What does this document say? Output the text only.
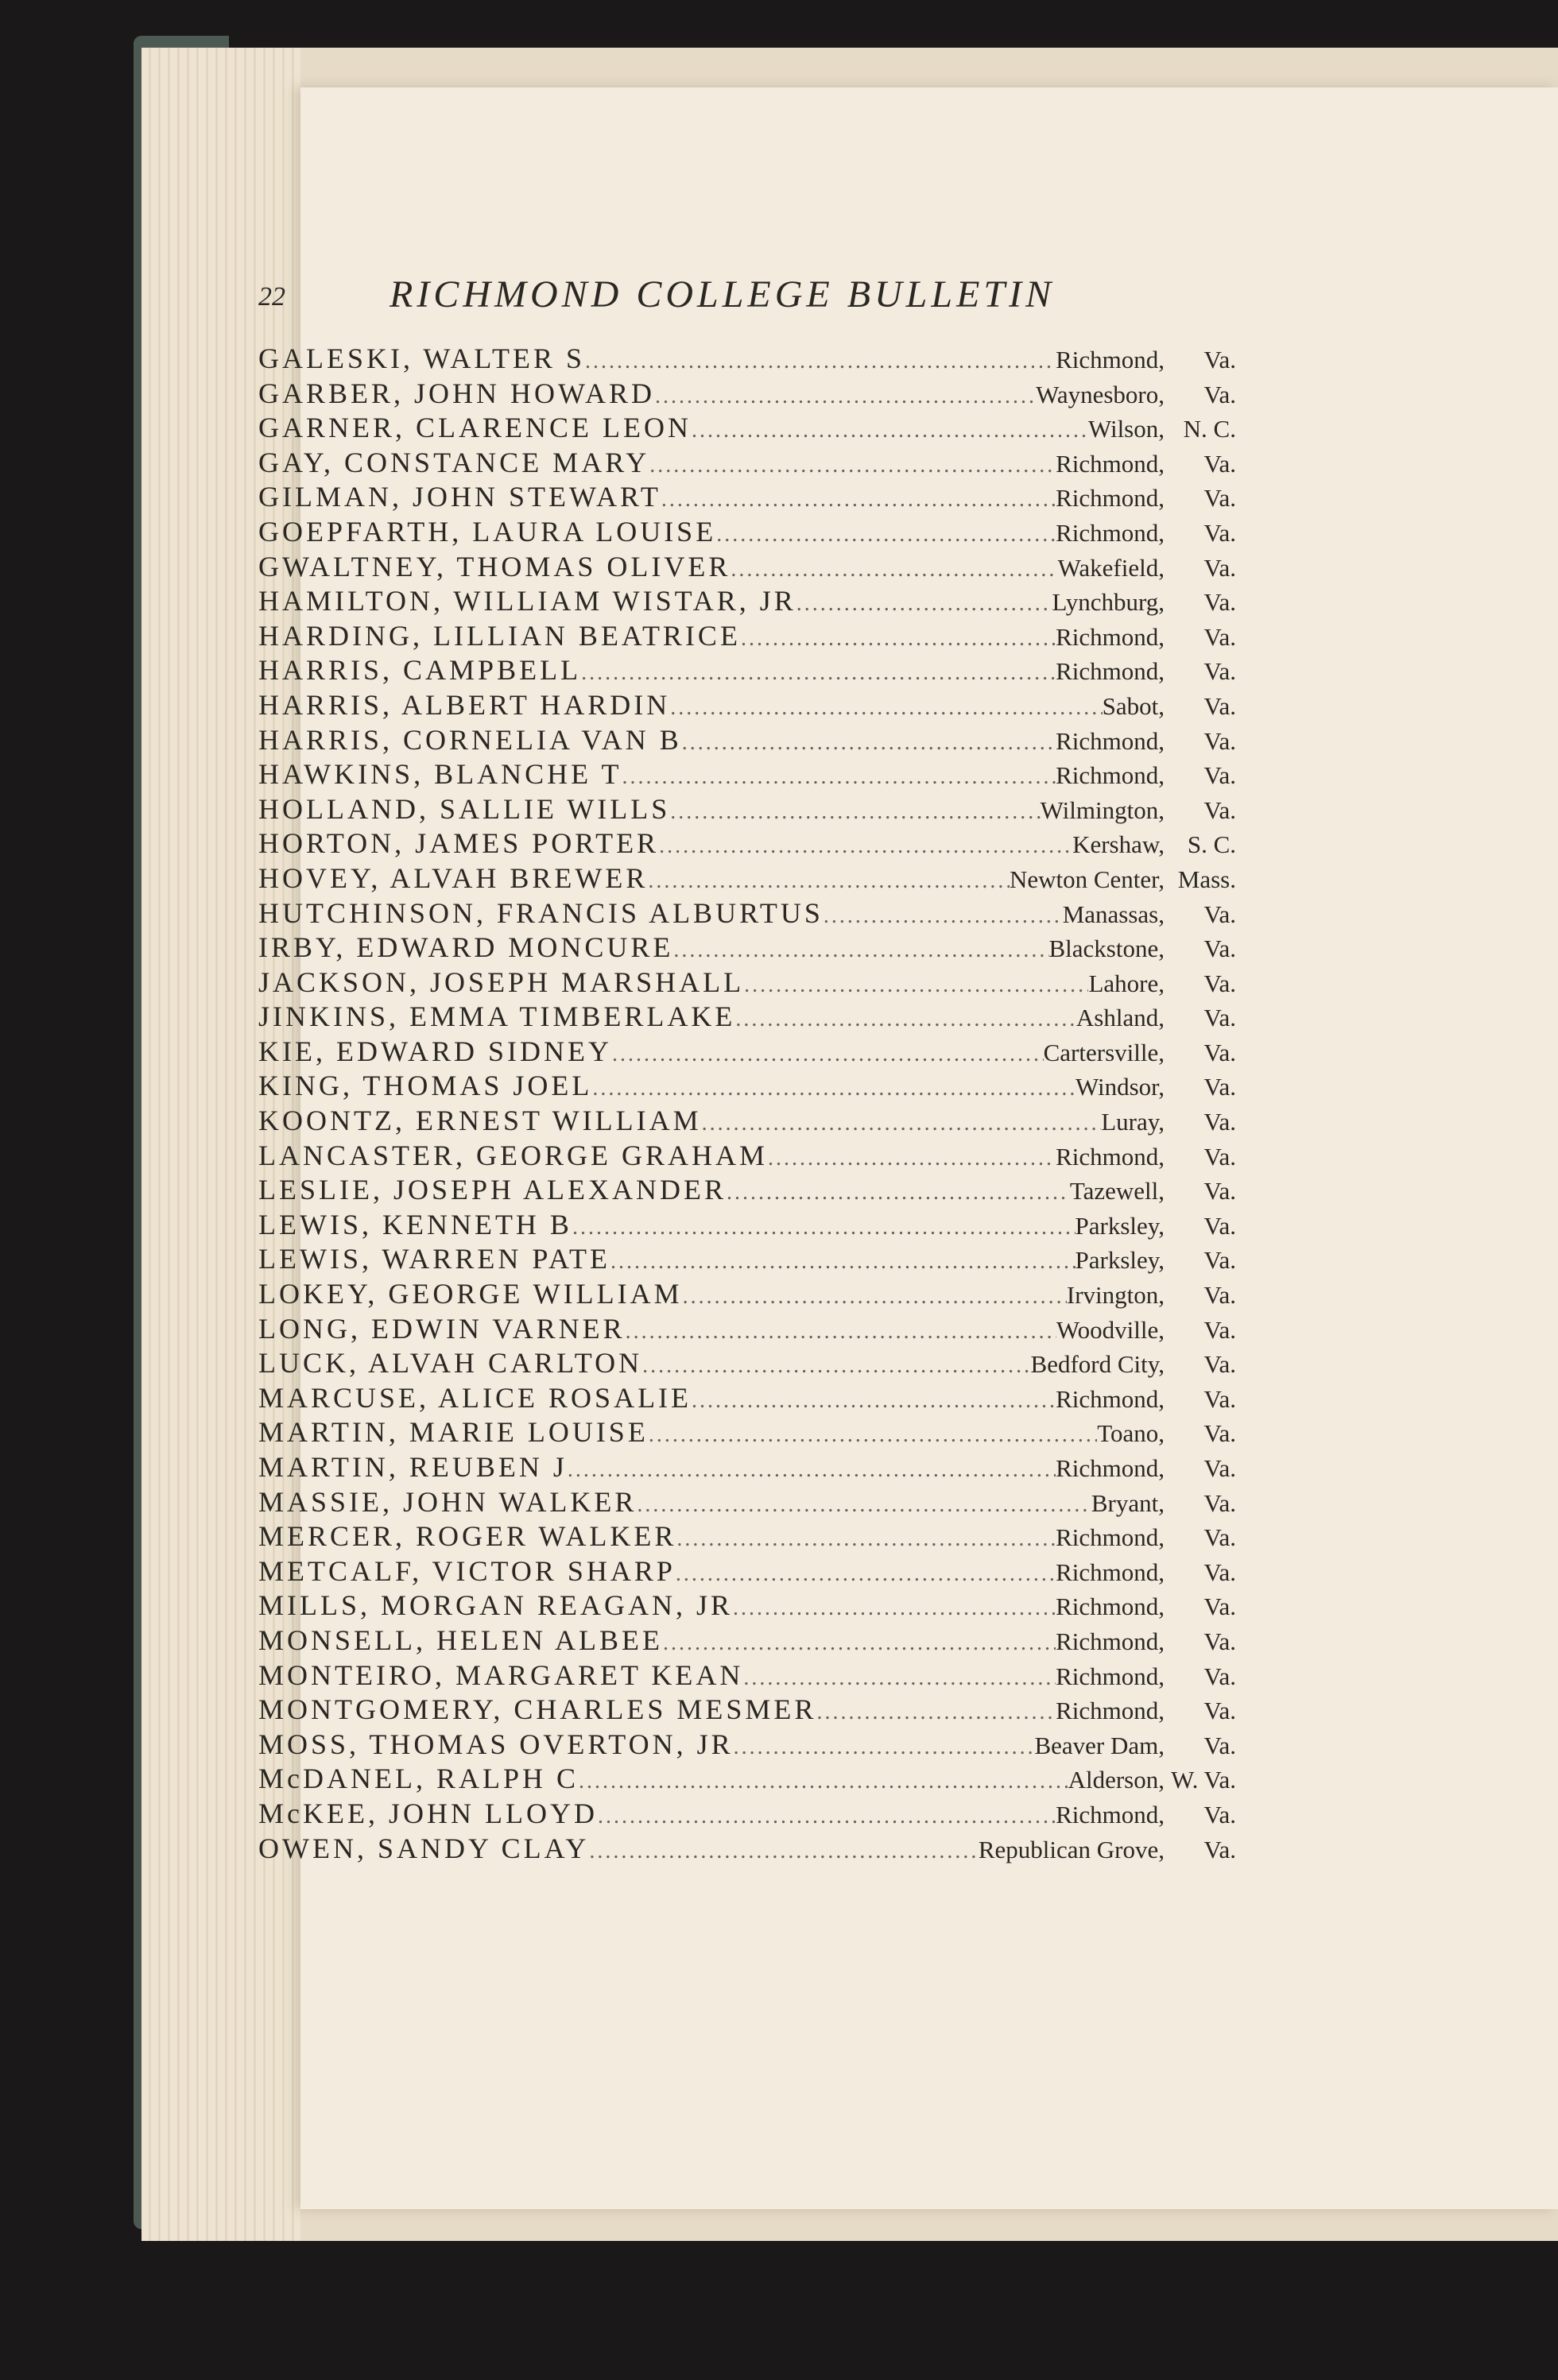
22	RICHMOND COLLEGE BULLETIN
GALESKI, WALTER S .....	Richmond,	Va.
GARBER, JOHN HOWARD .....	Waynesboro,	Va.
GARNER, CLARENCE LEON .....	Wilson, N. C.
GAY, CONSTANCE MARY .....	Richmond,	Va.
GILMAN, JOHN STEWART .....	Richmond,	Va.
GOEPFARTH, LAURA LOUISE .....	Richmond,	Va.
GWALTNEY, THOMAS OLIVER .....	Wakefield,	Va.
HAMILTON, WILLIAM WISTAR, JR .....	Lynchburg,	Va.
HARDING, LILLIAN BEATRICE .....	Richmond,	Va.
HARRIS, CAMPBELL .....	Richmond,	Va.
HARRIS, ALBERT HARDIN .....	Sabot,	Va.
HARRIS, CORNELIA VAN B .....	Richmond,	Va.
HAWKINS, BLANCHE T .....	Richmond,	Va.
HOLLAND, SALLIE WILLS .....	Wilmington,	Va.
HORTON, JAMES PORTER .....	Kershaw, S. C.
HOVEY, ALVAH BREWER .....	Newton Center, Mass.
HUTCHINSON, FRANCIS ALBURTUS .....	Manassas,	Va.
IRBY, EDWARD MONCURE .....	Blackstone,	Va.
JACKSON, JOSEPH MARSHALL .....	Lahore,	Va.
JINKINS, EMMA TIMBERLAKE .....	Ashland,	Va.
KIE, EDWARD SIDNEY .....	Cartersville,	Va.
KING, THOMAS JOEL .....	Windsor,	Va.
KOONTZ, ERNEST WILLIAM .....	Luray,	Va.
LANCASTER, GEORGE GRAHAM .....	Richmond,	Va.
LESLIE, JOSEPH ALEXANDER .....	Tazewell,	Va.
LEWIS, KENNETH B .....	Parksley,	Va.
LEWIS, WARREN PATE .....	Parksley,	Va.
LOKEY, GEORGE WILLIAM .....	Irvington,	Va.
LONG, EDWIN VARNER .....	Woodville,	Va.
LUCK, ALVAH CARLTON .....	Bedford City,	Va.
MARCUSE, ALICE ROSALIE .....	Richmond,	Va.
MARTIN, MARIE LOUISE .....	Toano,	Va.
MARTIN, REUBEN J .....	Richmond,	Va.
MASSIE, JOHN WALKER .....	Bryant,	Va.
MERCER, ROGER WALKER .....	Richmond,	Va.
METCALF, VICTOR SHARP .....	Richmond,	Va.
MILLS, MORGAN REAGAN, JR .....	Richmond,	Va.
MONSELL, HELEN ALBEE .....	Richmond,	Va.
MONTEIRO, MARGARET KEAN .....	Richmond,	Va.
MONTGOMERY, CHARLES MESMER .....	Richmond,	Va.
MOSS, THOMAS OVERTON, JR .....	Beaver Dam,	Va.
McDANEL, RALPH C .....	Alderson, W. Va.
McKEE, JOHN LLOYD .....	Richmond,	Va.
OWEN, SANDY CLAY .....	Republican Grove,	Va.
